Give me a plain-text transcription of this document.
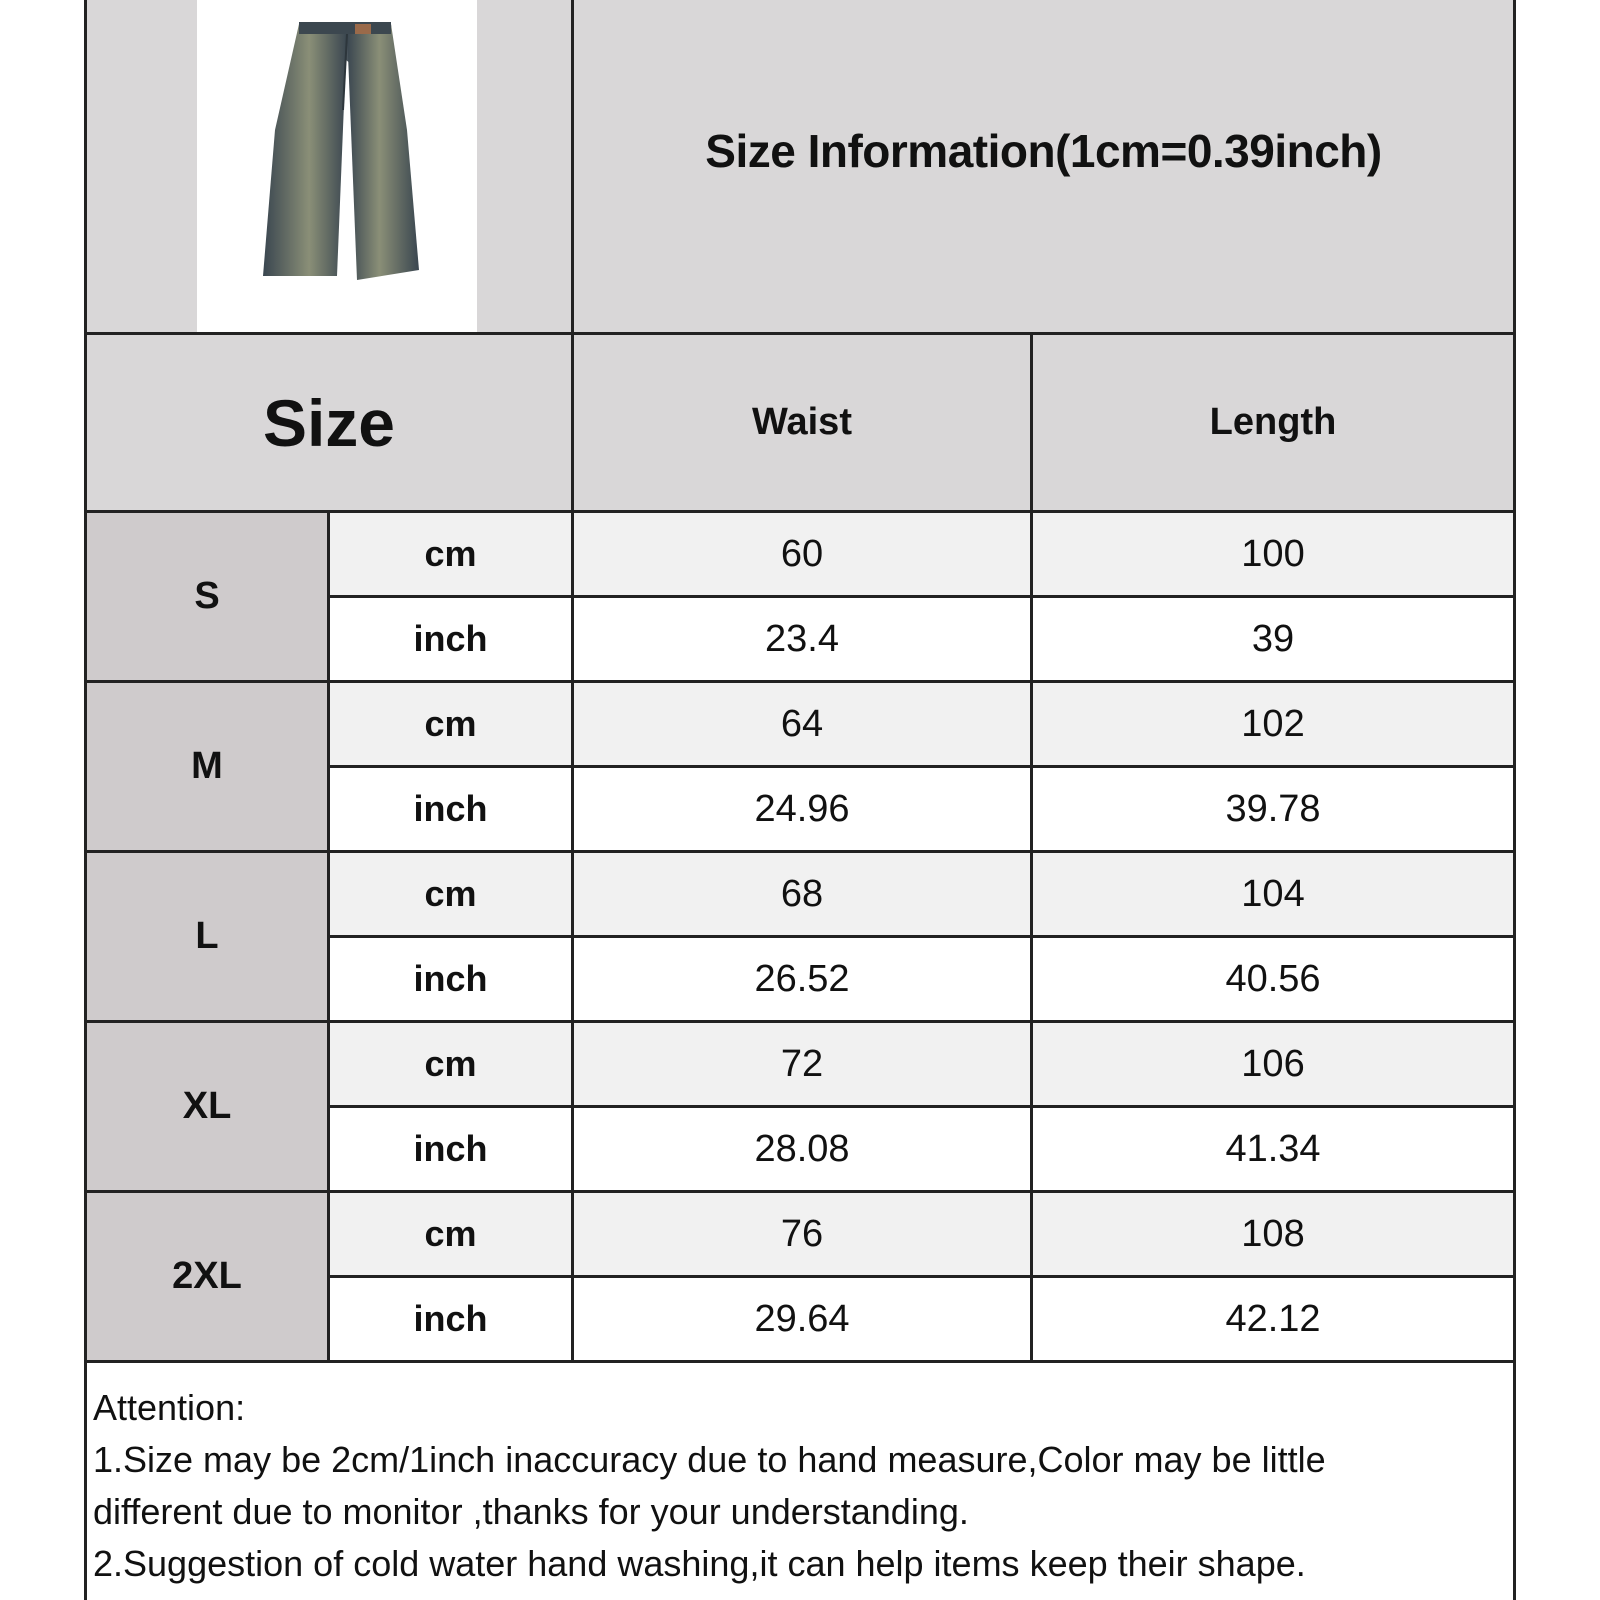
Size Information(1cm=0.39inch)
Size	Waist	Length
S
cm	60	100
inch	23.4	39
M
cm	64	102
inch	24.96	39.78
L
cm	68	104
inch	26.52	40.56
XL
cm	72	106
inch	28.08	41.34
2XL
cm	76	108
inch	29.64	42.12
Attention:
1.Size may be 2cm/1inch inaccuracy due to hand measure,Color may be little
different due to monitor ,thanks for your understanding.
2.Suggestion of cold water hand washing,it can help items keep their shape.
